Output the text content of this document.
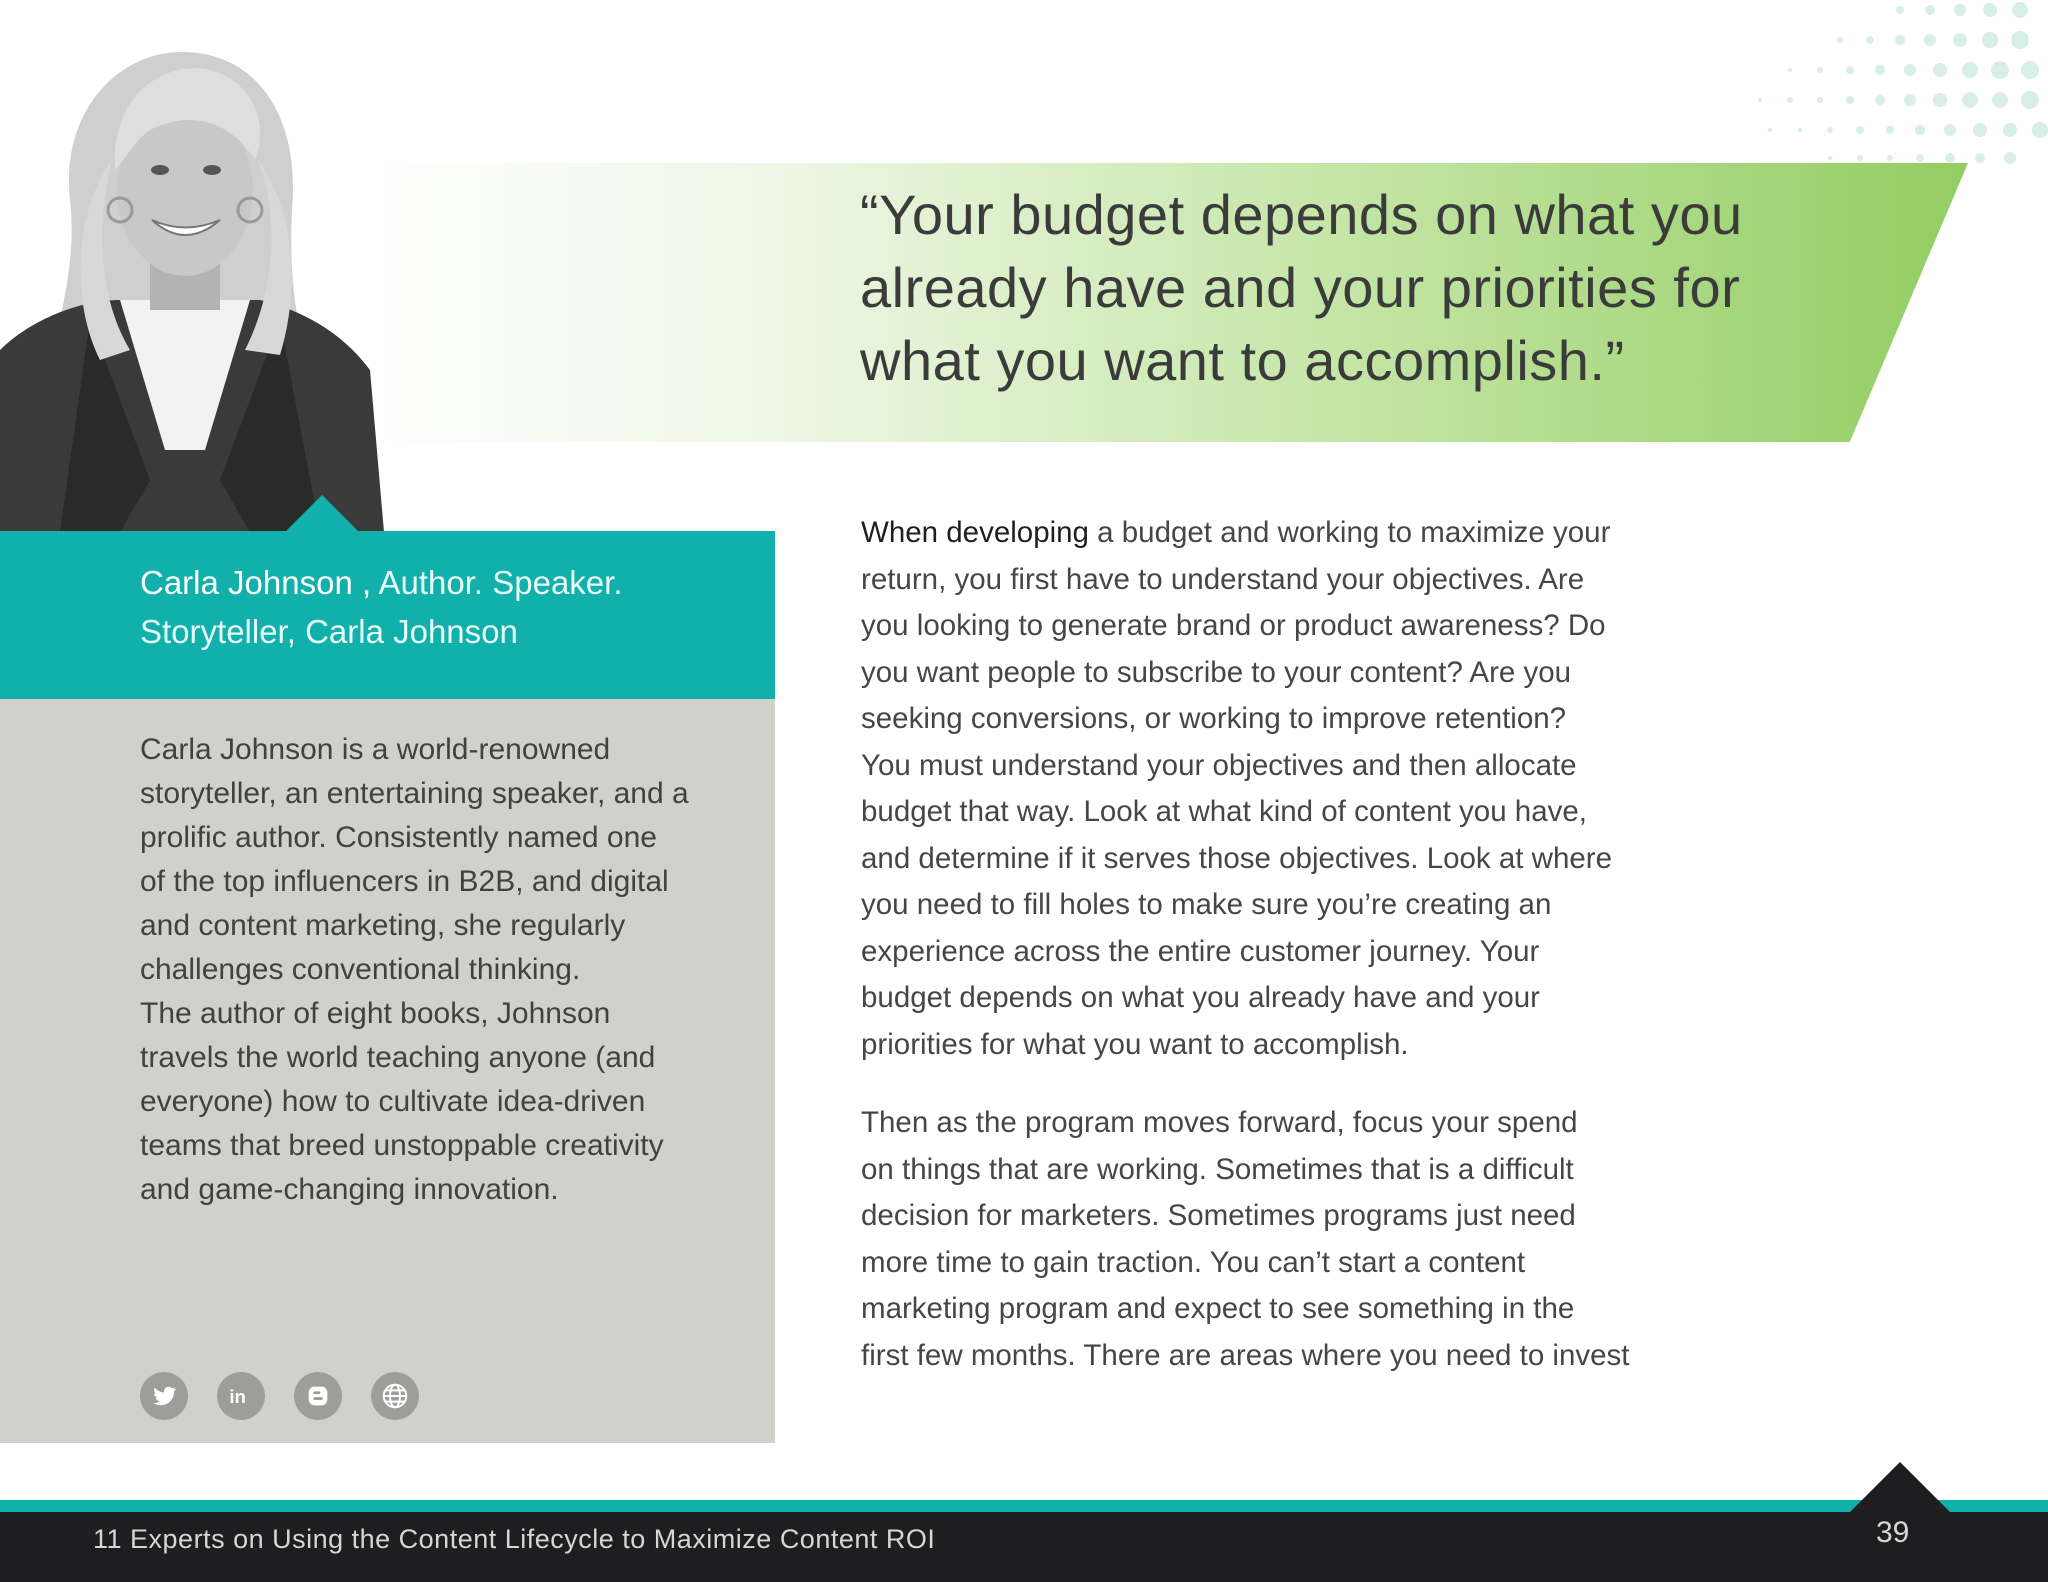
“Your budget depends on what you
already have and your priorities for
what you want to accomplish.”

Carla Johnson , Author. Speaker.
Storyteller, Carla Johnson

Carla Johnson is a world-renowned
storyteller, an entertaining speaker, and a
prolific author. Consistently named one
of the top influencers in B2B, and digital
and content marketing, she regularly
challenges conventional thinking.
The author of eight books, Johnson
travels the world teaching anyone (and
everyone) how to cultivate idea-driven
teams that breed unstoppable creativity
and game-changing innovation.

in

When developing a budget and working to maximize your
return, you first have to understand your objectives. Are
you looking to generate brand or product awareness? Do
you want people to subscribe to your content? Are you
seeking conversions, or working to improve retention?
You must understand your objectives and then allocate
budget that way. Look at what kind of content you have,
and determine if it serves those objectives. Look at where
you need to fill holes to make sure you’re creating an
experience across the entire customer journey. Your
budget depends on what you already have and your
priorities for what you want to accomplish.

Then as the program moves forward, focus your spend
on things that are working. Sometimes that is a difficult
decision for marketers. Sometimes programs just need
more time to gain traction. You can’t start a content
marketing program and expect to see something in the
first few months. There are areas where you need to invest

11 Experts on Using the Content Lifecycle to Maximize Content ROI	39
